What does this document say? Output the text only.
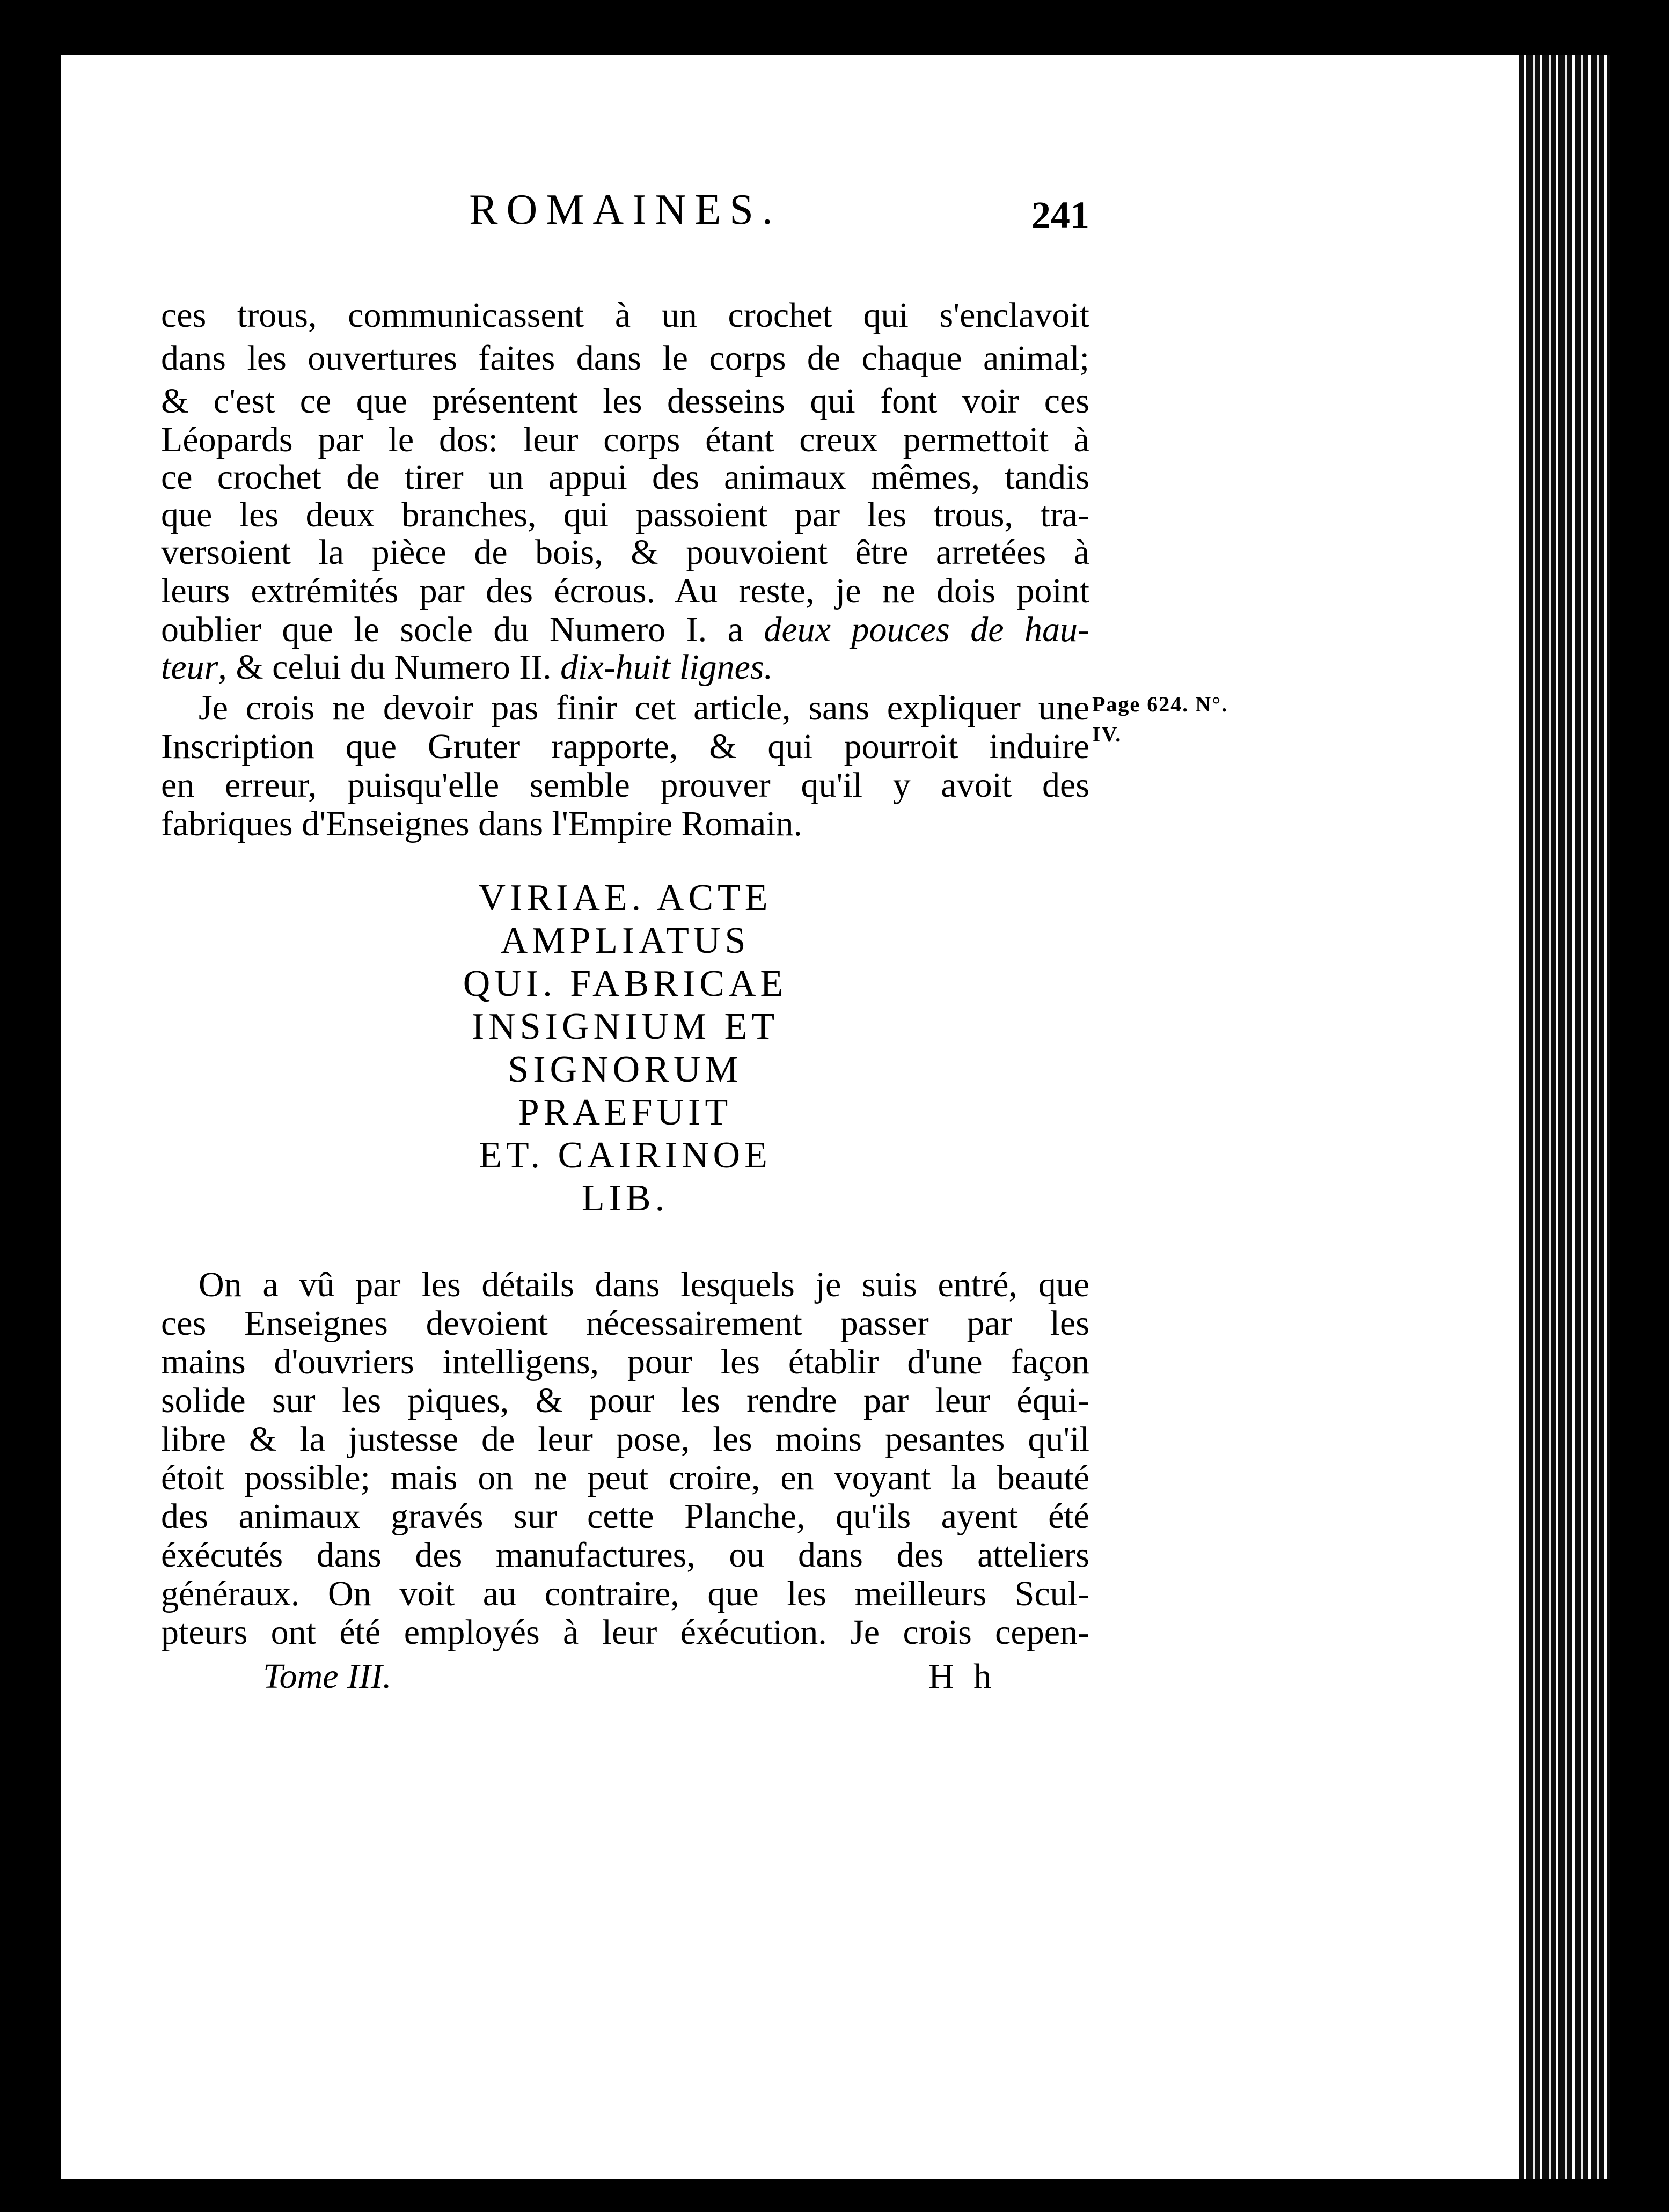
ROMAINES.	241
ces trous, communicassent à un crochet qui s'enclavoit
dans les ouvertures faites dans le corps de chaque animal;
& c'est ce que présentent les desseins qui font voir ces
Léopards par le dos: leur corps étant creux permettoit à
ce crochet de tirer un appui des animaux mêmes, tandis
que les deux branches, qui passoient par les trous, tra-
versoient la pièce de bois, & pouvoient être arretées à
leurs extrémités par des écrous. Au reste, je ne dois point
oublier que le socle du Numero I. a deux pouces de hau-
teur, & celui du Numero II. dix-huit lignes.
Je crois ne devoir pas finir cet article, sans expliquer une
Inscription que Gruter rapporte, & qui pourroit induire
en erreur, puisqu'elle semble prouver qu'il y avoit des
fabriques d'Enseignes dans l'Empire Romain.
Page 624. N°.
IV.
VIRIAE. ACTE
AMPLIATUS
QUI. FABRICAE
INSIGNIUM ET
SIGNORUM
PRAEFUIT
ET. CAIRINOE
LIB.
On a vû par les détails dans lesquels je suis entré, que
ces Enseignes devoient nécessairement passer par les
mains d'ouvriers intelligens, pour les établir d'une façon
solide sur les piques, & pour les rendre par leur équi-
libre & la justesse de leur pose, les moins pesantes qu'il
étoit possible; mais on ne peut croire, en voyant la beauté
des animaux gravés sur cette Planche, qu'ils ayent été
éxécutés dans des manufactures, ou dans des atteliers
généraux. On voit au contraire, que les meilleurs Scul-
pteurs ont été employés à leur éxécution. Je crois cepen-
Tome III.	H h
